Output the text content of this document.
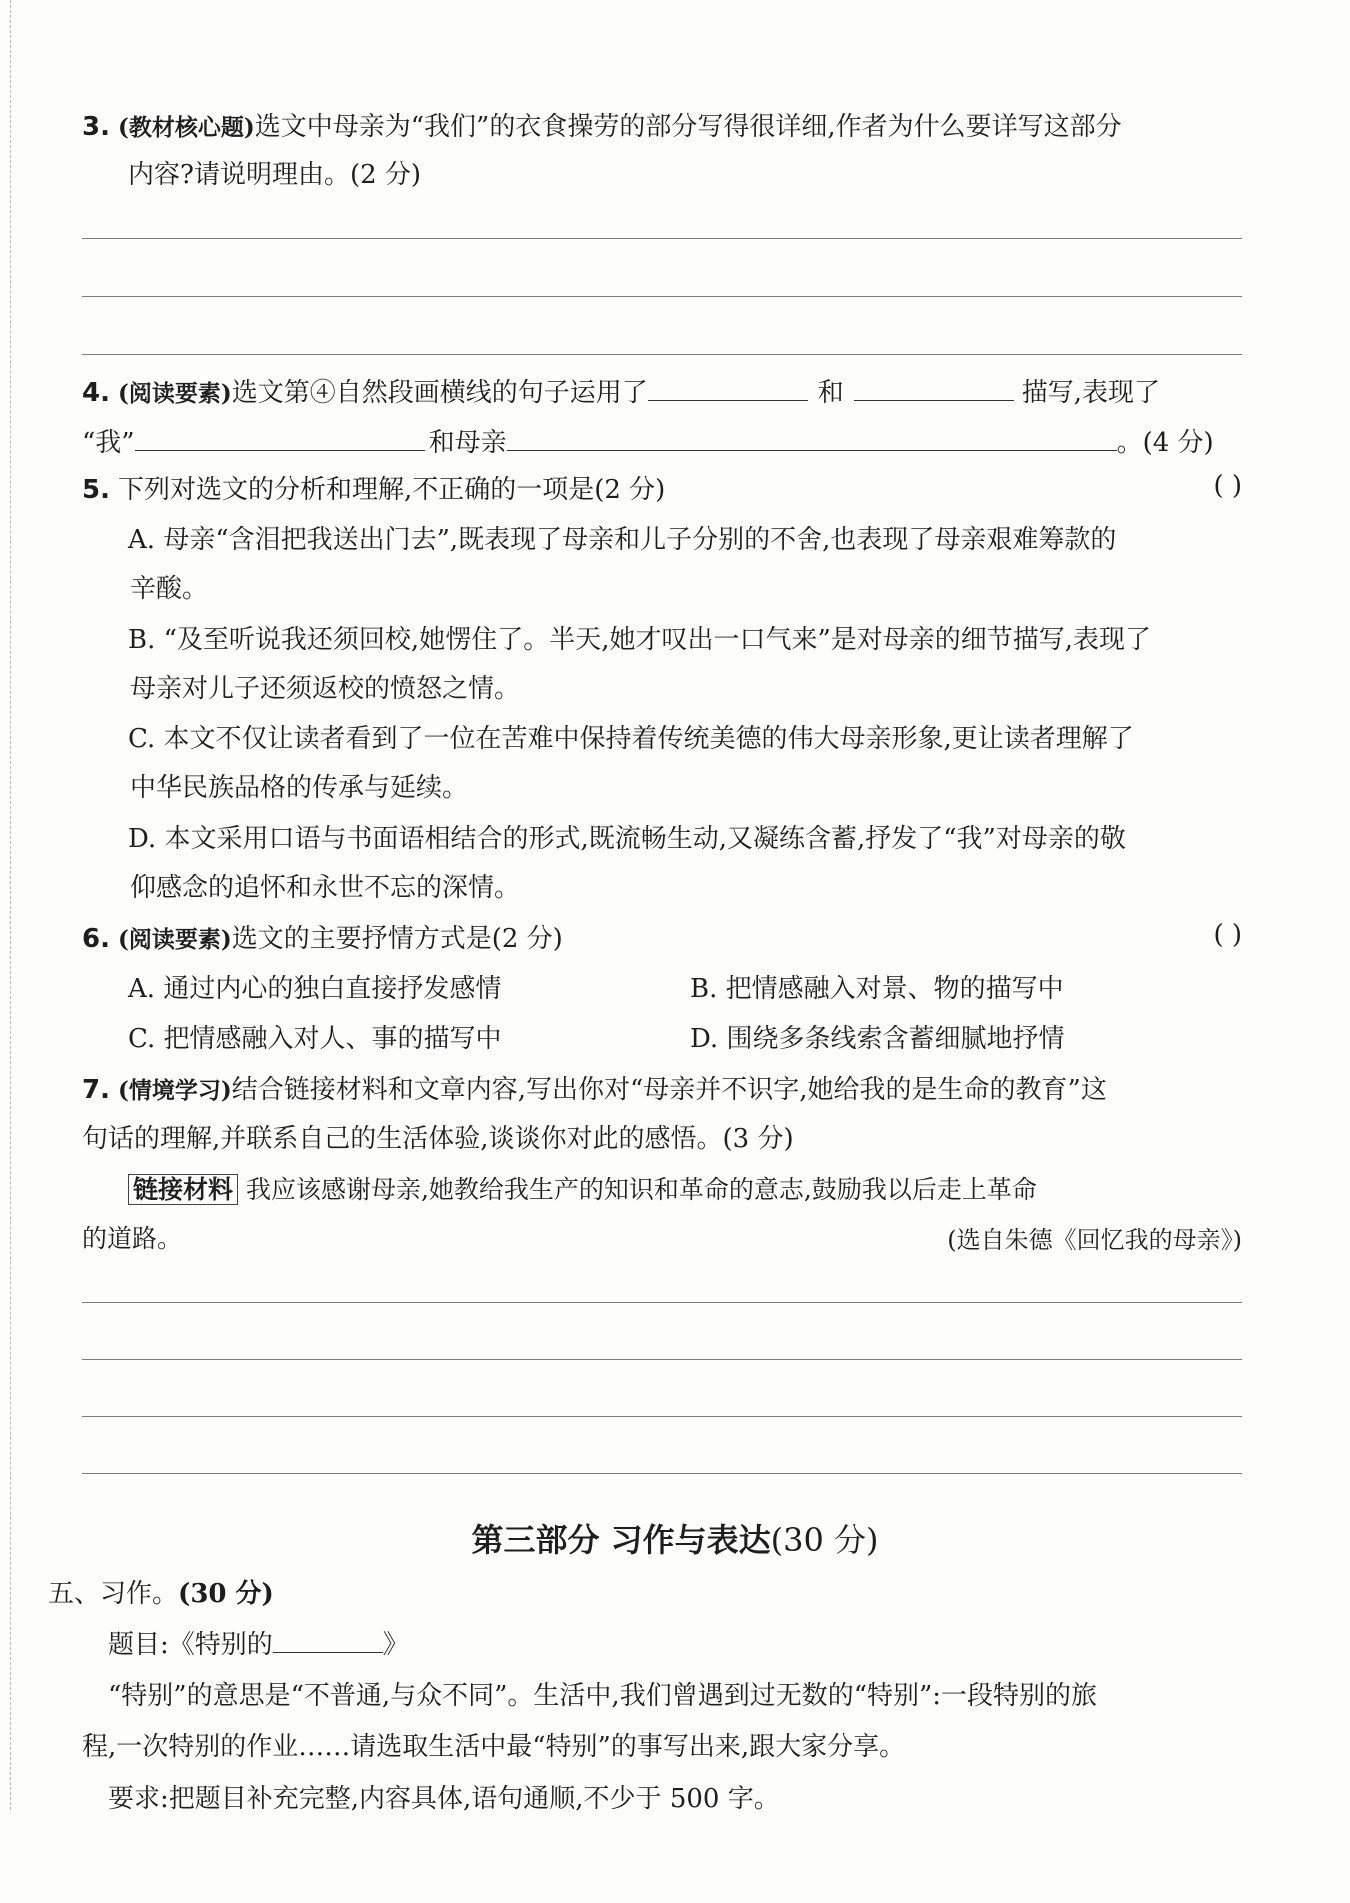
3. (教材核心题)选文中母亲为“我们”的衣食操劳的部分写得很详细,作者为什么要详写这部分
内容?请说明理由。(2 分)
4. (阅读要素)选文第④自然段画横线的句子运用了	和	描写,表现了
“我”	和母亲	。(4 分)
5. 下列对选文的分析和理解,不正确的一项是(2 分)	( )
A. 母亲“含泪把我送出门去”,既表现了母亲和儿子分别的不舍,也表现了母亲艰难筹款的
辛酸。
B. “及至听说我还须回校,她愣住了。半天,她才叹出一口气来”是对母亲的细节描写,表现了
母亲对儿子还须返校的愤怒之情。
C. 本文不仅让读者看到了一位在苦难中保持着传统美德的伟大母亲形象,更让读者理解了
中华民族品格的传承与延续。
D. 本文采用口语与书面语相结合的形式,既流畅生动,又凝练含蓄,抒发了“我”对母亲的敬
仰感念的追怀和永世不忘的深情。
6. (阅读要素)选文的主要抒情方式是(2 分)	( )
A. 通过内心的独白直接抒发感情	B. 把情感融入对景、物的描写中
C. 把情感融入对人、事的描写中	D. 围绕多条线索含蓄细腻地抒情
7. (情境学习)结合链接材料和文章内容,写出你对“母亲并不识字,她给我的是生命的教育”这
句话的理解,并联系自己的生活体验,谈谈你对此的感悟。(3 分)
链接材料 我应该感谢母亲,她教给我生产的知识和革命的意志,鼓励我以后走上革命
的道路。	(选自朱德《回忆我的母亲》)
第三部分 习作与表达(30 分)
五、习作。(30 分)
题目:《特别的	》
“特别”的意思是“不普通,与众不同”。生活中,我们曾遇到过无数的“特别”:一段特别的旅
程,一次特别的作业……请选取生活中最“特别”的事写出来,跟大家分享。
要求:把题目补充完整,内容具体,语句通顺,不少于 500 字。
